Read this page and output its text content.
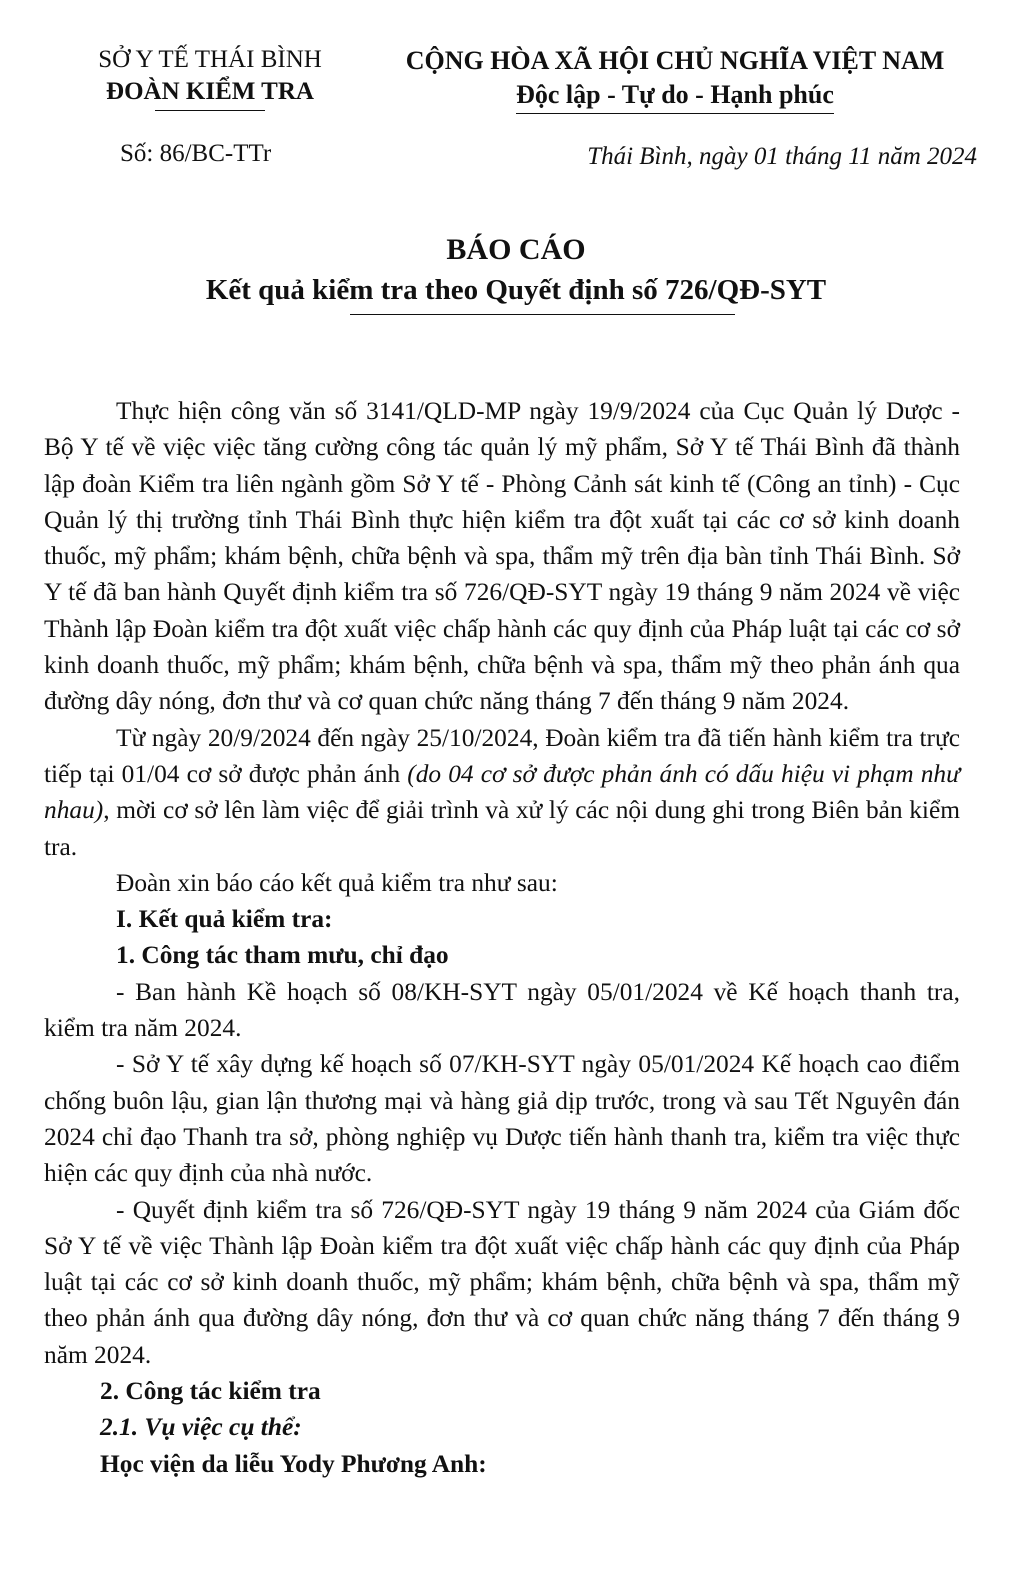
SỞ Y TẾ THÁI BÌNH
ĐOÀN KIỂM TRA
CỘNG HÒA XÃ HỘI CHỦ NGHĨA VIỆT NAM
Độc lập - Tự do - Hạnh phúc
Số: 86/BC-TTr	Thái Bình, ngày 01 tháng 11 năm 2024
BÁO CÁO
Kết quả kiểm tra theo Quyết định số 726/QĐ-SYT

Thực hiện công văn số 3141/QLD-MP ngày 19/9/2024 của Cục Quản lý Dược - Bộ Y tế về việc việc tăng cường công tác quản lý mỹ phẩm, Sở Y tế Thái Bình đã thành lập đoàn Kiểm tra liên ngành gồm Sở Y tế - Phòng Cảnh sát kinh tế (Công an tỉnh) - Cục Quản lý thị trường tỉnh Thái Bình thực hiện kiểm tra đột xuất tại các cơ sở kinh doanh thuốc, mỹ phẩm; khám bệnh, chữa bệnh và spa, thẩm mỹ trên địa bàn tỉnh Thái Bình. Sở Y tế đã ban hành Quyết định kiểm tra số 726/QĐ-SYT ngày 19 tháng 9 năm 2024 về việc Thành lập Đoàn kiểm tra đột xuất việc chấp hành các quy định của Pháp luật tại các cơ sở kinh doanh thuốc, mỹ phẩm; khám bệnh, chữa bệnh và spa, thẩm mỹ theo phản ánh qua đường dây nóng, đơn thư và cơ quan chức năng tháng 7 đến tháng 9 năm 2024.

Từ ngày 20/9/2024 đến ngày 25/10/2024, Đoàn kiểm tra đã tiến hành kiểm tra trực tiếp tại 01/04 cơ sở được phản ánh (do 04 cơ sở được phản ánh có dấu hiệu vi phạm như nhau), mời cơ sở lên làm việc để giải trình và xử lý các nội dung ghi trong Biên bản kiểm tra.

Đoàn xin báo cáo kết quả kiểm tra như sau:

I. Kết quả kiểm tra:
1. Công tác tham mưu, chỉ đạo

- Ban hành Kề hoạch số 08/KH-SYT ngày 05/01/2024 về Kế hoạch thanh tra, kiểm tra năm 2024.

- Sở Y tế xây dựng kế hoạch số 07/KH-SYT ngày 05/01/2024 Kế hoạch cao điểm chống buôn lậu, gian lận thương mại và hàng giả dịp trước, trong và sau Tết Nguyên đán 2024 chỉ đạo Thanh tra sở, phòng nghiệp vụ Dược tiến hành thanh tra, kiểm tra việc thực hiện các quy định của nhà nước.

- Quyết định kiểm tra số 726/QĐ-SYT ngày 19 tháng 9 năm 2024 của Giám đốc Sở Y tế về việc Thành lập Đoàn kiểm tra đột xuất việc chấp hành các quy định của Pháp luật tại các cơ sở kinh doanh thuốc, mỹ phẩm; khám bệnh, chữa bệnh và spa, thẩm mỹ theo phản ánh qua đường dây nóng, đơn thư và cơ quan chức năng tháng 7 đến tháng 9 năm 2024.

2. Công tác kiểm tra
2.1. Vụ việc cụ thể:
Học viện da liễu Yody Phương Anh:
